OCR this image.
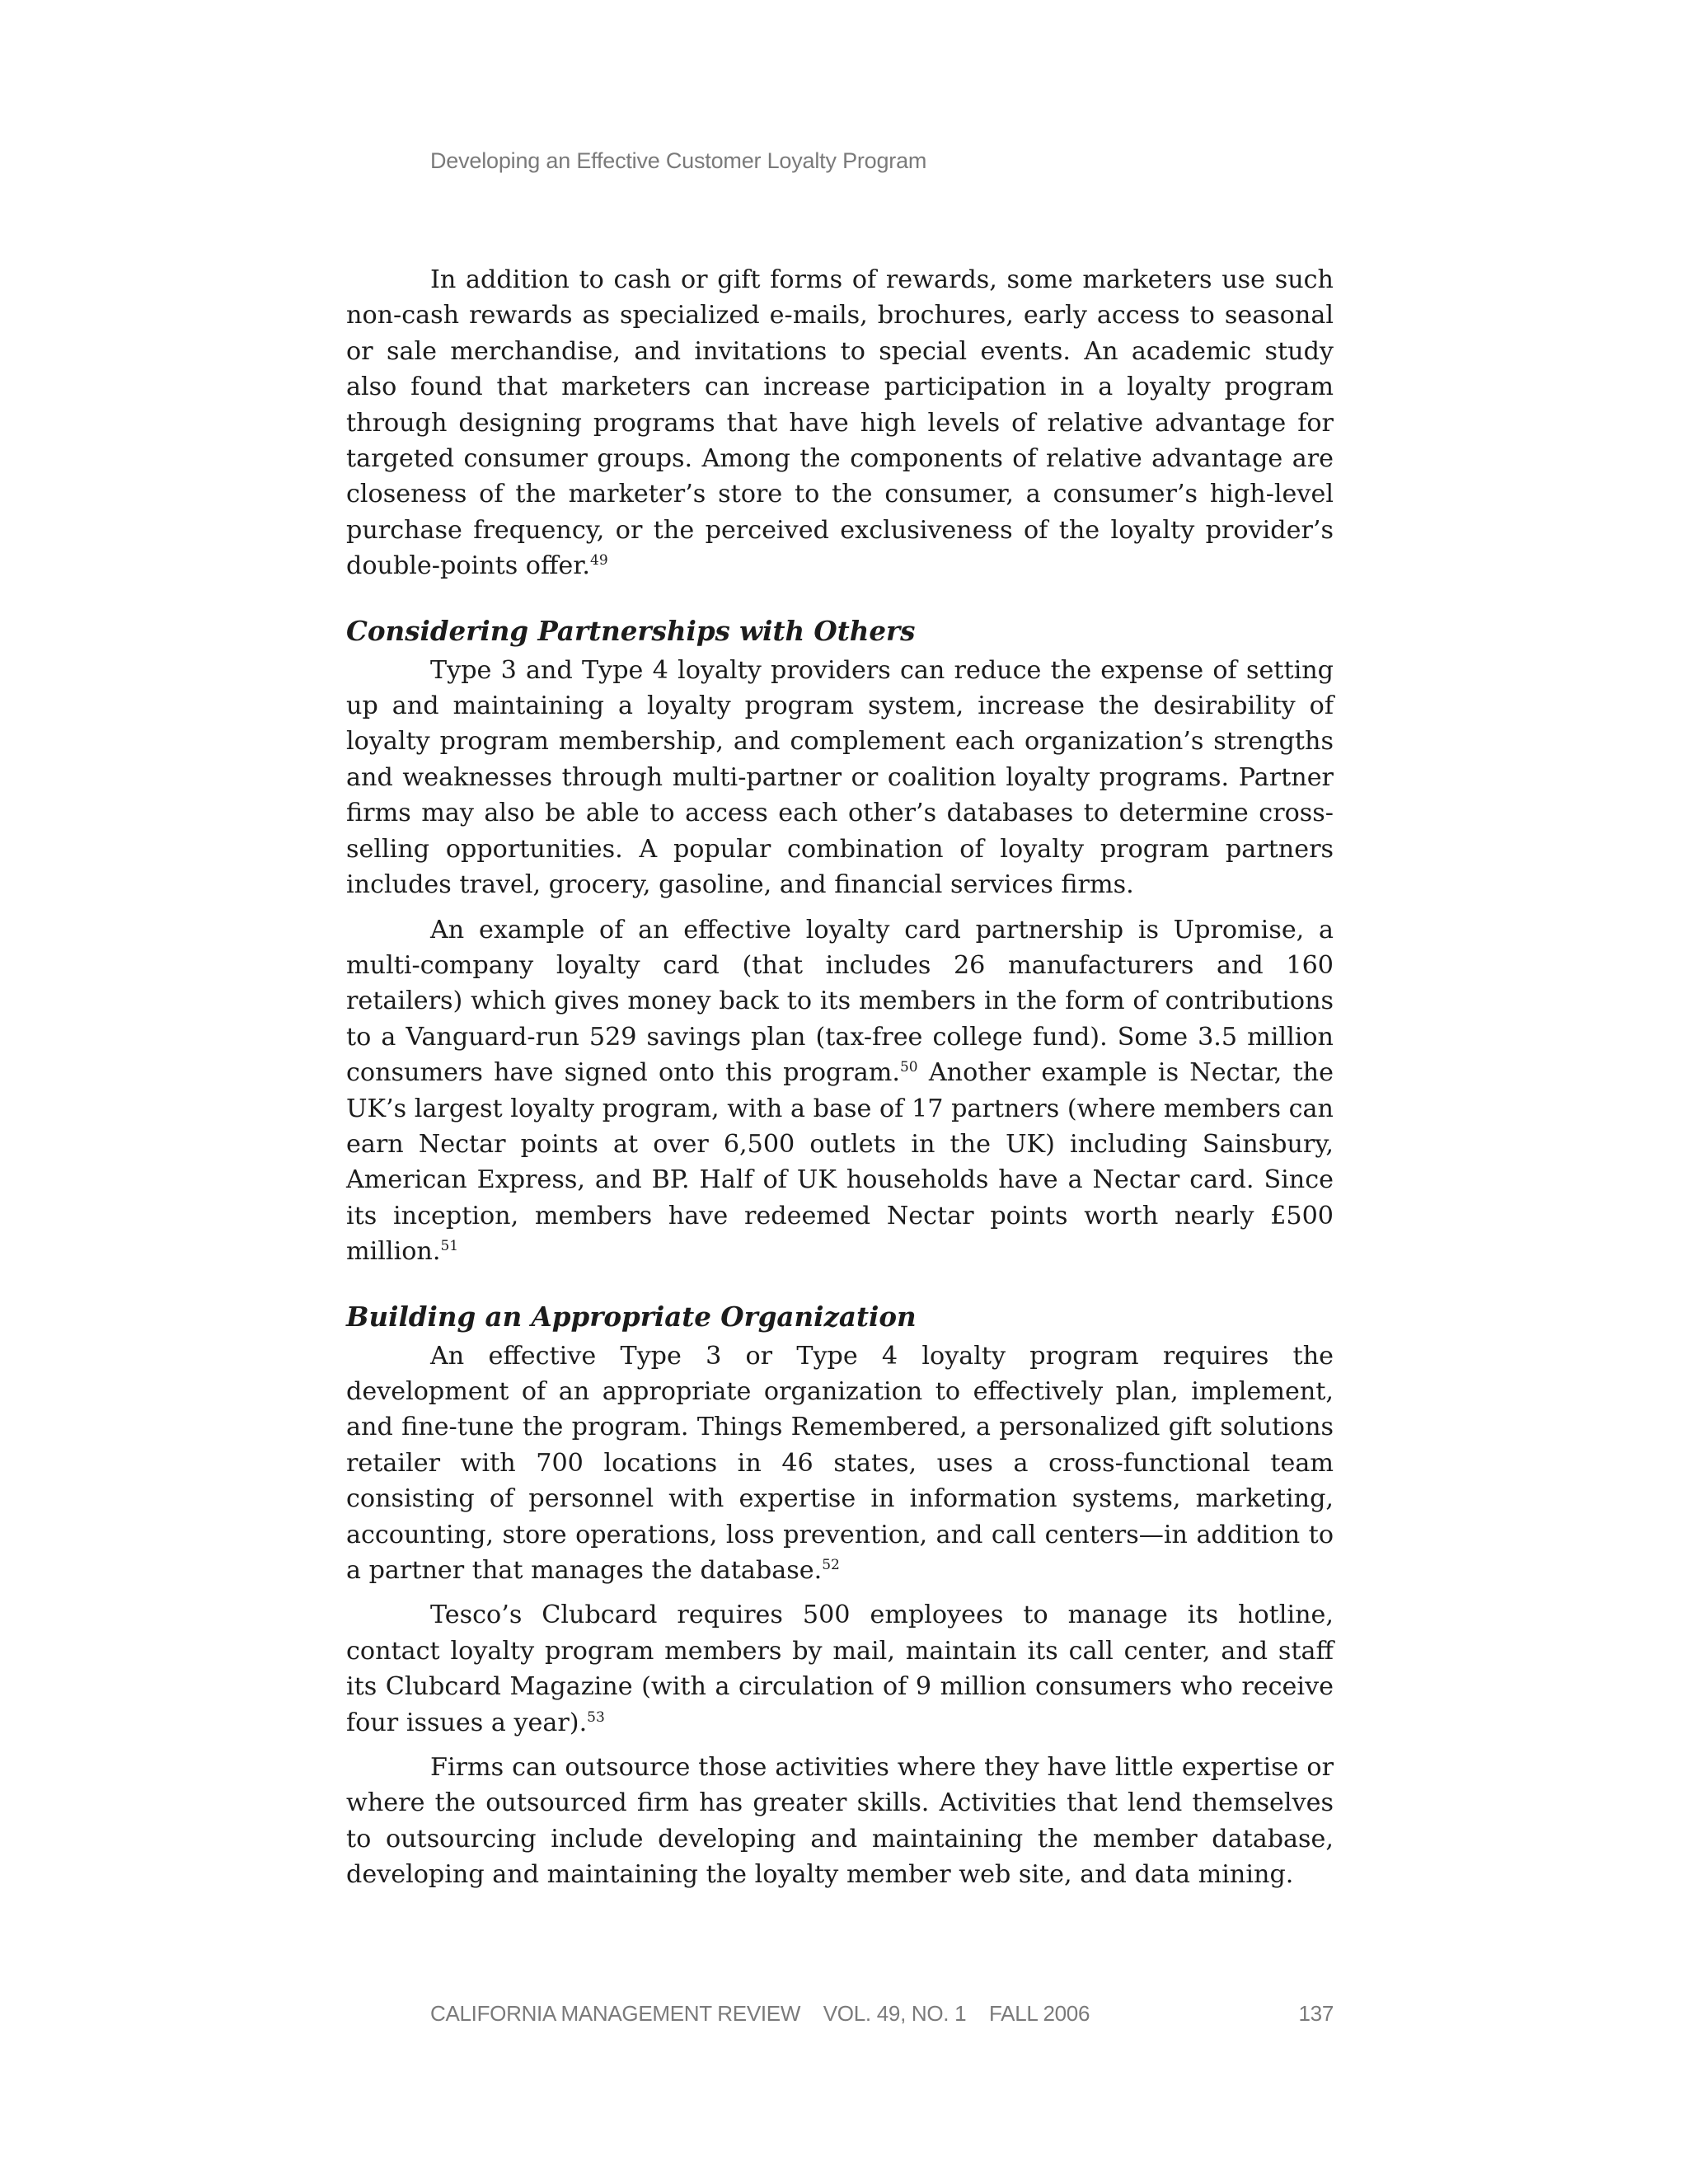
Developing an Effective Customer Loyalty Program

In addition to cash or gift forms of rewards, some marketers use such non-cash rewards as specialized e-mails, brochures, early access to seasonal or sale merchandise, and invitations to special events. An academic study also found that marketers can increase participation in a loyalty program through designing programs that have high levels of relative advantage for targeted consumer groups. Among the components of relative advantage are closeness of the marketer’s store to the consumer, a consumer’s high-level purchase frequency, or the perceived exclusiveness of the loyalty provider’s double-points offer.$^{49}$

Considering Partnerships with Others

Type 3 and Type 4 loyalty providers can reduce the expense of setting up and maintaining a loyalty program system, increase the desirability of loyalty program membership, and complement each organization’s strengths and weaknesses through multi-partner or coalition loyalty programs. Partner firms may also be able to access each other’s databases to determine cross-selling opportunities. A popular combination of loyalty program partners includes travel, grocery, gasoline, and financial services firms.

An example of an effective loyalty card partnership is Upromise, a multi-company loyalty card (that includes 26 manufacturers and 160 retailers) which gives money back to its members in the form of contributions to a Vanguard-run 529 savings plan (tax-free college fund). Some 3.5 million consumers have signed onto this program.$^{50}$ Another example is Nectar, the UK’s largest loyalty program, with a base of 17 partners (where members can earn Nectar points at over 6,500 outlets in the UK) including Sainsbury, American Express, and BP. Half of UK households have a Nectar card. Since its inception, members have redeemed Nectar points worth nearly £500 million.$^{51}$

Building an Appropriate Organization

An effective Type 3 or Type 4 loyalty program requires the development of an appropriate organization to effectively plan, implement, and fine-tune the program. Things Remembered, a personalized gift solutions retailer with 700 locations in 46 states, uses a cross-functional team consisting of personnel with expertise in information systems, marketing, accounting, store operations, loss prevention, and call centers—in addition to a partner that manages the database.$^{52}$

Tesco’s Clubcard requires 500 employees to manage its hotline, contact loyalty program members by mail, maintain its call center, and staff its Clubcard Magazine (with a circulation of 9 million consumers who receive four issues a year).$^{53}$

Firms can outsource those activities where they have little expertise or where the outsourced firm has greater skills. Activities that lend themselves to outsourcing include developing and maintaining the member database, developing and maintaining the loyalty member web site, and data mining.

CALIFORNIA MANAGEMENT REVIEW    VOL. 49, NO. 1    FALL 2006	137
